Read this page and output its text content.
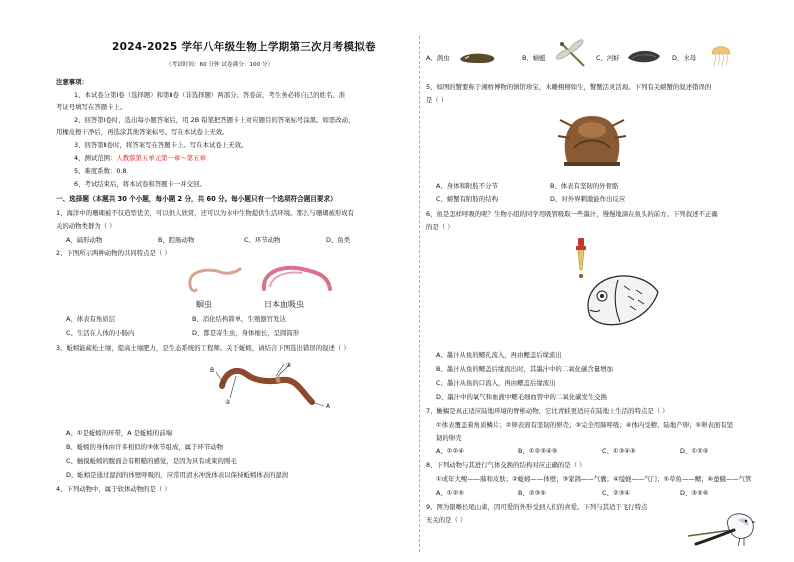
2024-2025 学年八年级生物上学期第三次月考模拟卷
（考试时间：60 分钟 试卷满分：100 分）
注意事项：
1、本试卷分第Ⅰ卷（选择题）和第Ⅱ卷（非选择题）两部分。答卷前，考生务必将自己的姓名、准
考证号填写在答题卡上。
2、回答第Ⅰ卷时，选出每小题答案后，用 2B 铅笔把答题卡上对应题目的答案标号涂黑。如需改动，
用橡皮擦干净后，再选涂其他答案标号。写在本试卷上无效。
3、回答第Ⅱ卷时，将答案写在答题卡上。写在本试卷上无效。
4、测试范围：人教版第五单元第一章～第五章
5、难度系数：0.8
6、考试结束后，将本试卷和答题卡一并交回。
一、选择题（本题共 30 个小题，每小题 2 分，共 60 分。每小题只有一个选项符合题目要求）
1、海洋中的珊瑚被不仅造型优美，可以供人欣赏，还可以为水中生物提供生活环境。那么与珊瑚被形成有
关的动物类群为（ ）
A、扁形动物	B、腔肠动物	C、环节动物	D、鱼类
2、下图所示两种动物的共同特点是（ ）
蛔虫	日本血吸虫
A、体表有角质层	B、消化结构简单，生殖器官发达
C、生活在人体的小肠内	D、都是寄生虫，身体细长，呈圆筒形
3、蚯蚓能疏松土壤，提高土壤肥力，是生态系统的工程师。关于蚯蚓，请结合下图选出错误的叙述（ ）
B
①
②
A
A、①是蚯蚓的环带，A 是蚯蚓的前端
B、蚯蚓的身体由许多相似的③体节组成，属于环节动物
C、触摸蚯蚓的腹面会有粗糙的感觉，是因为具有成束的刚毛
D、蚯蚓是通过湿润的体壁呼吸的，应常用清水冲洗体表以保持蚯蚓体表的湿润
4、下列动物中，属于软体动物的是（ ）
A、涡虫	B、蜻蜓	C、河蚌	D、水母
5、如图的蟹要称于湘桥博物的镇馆珍宝，木雕栩栩如生，蟹蟹活灵活现。下列有关螃蟹的叙述错误的
是（ ）
A、身体和附肢不分节	B、体表有坚韧的外骨骼
C、螃蟹有附肢的结构	D、对外界刺激能作出反应
6、鱼是怎样呼吸的呢？生物小组的同学用吸管吸取一些墨汁，慢慢地滴在鱼头的前方。下列叙述不正确
的是（ ）
A、墨汁从鱼的鳃孔流入，再由鳃盖后缘流出
B、墨汁从鱼的鳃盖后缘流出时，其墨汁中的二氧化碳含量增加
C、墨汁从鱼的口流入，再由鳃盖后缘流出
D、墨汁中的氧气和血液中鳃毛细血管中的二氧化碳发生交换
7、蜥蜴是真正适应陆地环境的脊椎动物，它比青蛙更适应在陆地上生活的特点是（ ）
①体表覆盖着角质鳞片；②卵表面有坚韧的卵壳；③完全用肺呼吸；④体内受精、陆地产卵；⑤卵表面有坚
韧的卵壳
A、①②④	B、①②③④⑤	C、①③④⑤	D、①②⑤
8、下列动物与其进行气体交换的结构对应正确的是（ ）
①成年大鲵——肺和皮肤；②蚯蚓——体壁；③家鸽——气囊；④缢蛏——气门；⑤草鱼——鳃；⑥蚕蛾——气管
A、①②⑤	B、②③⑤	C、②③④	D、③⑤⑥
9、图为银喉长尾山雀，因可爱的外形受到人们的喜爱。下列与其适于飞行特点
无关的是（ ）
